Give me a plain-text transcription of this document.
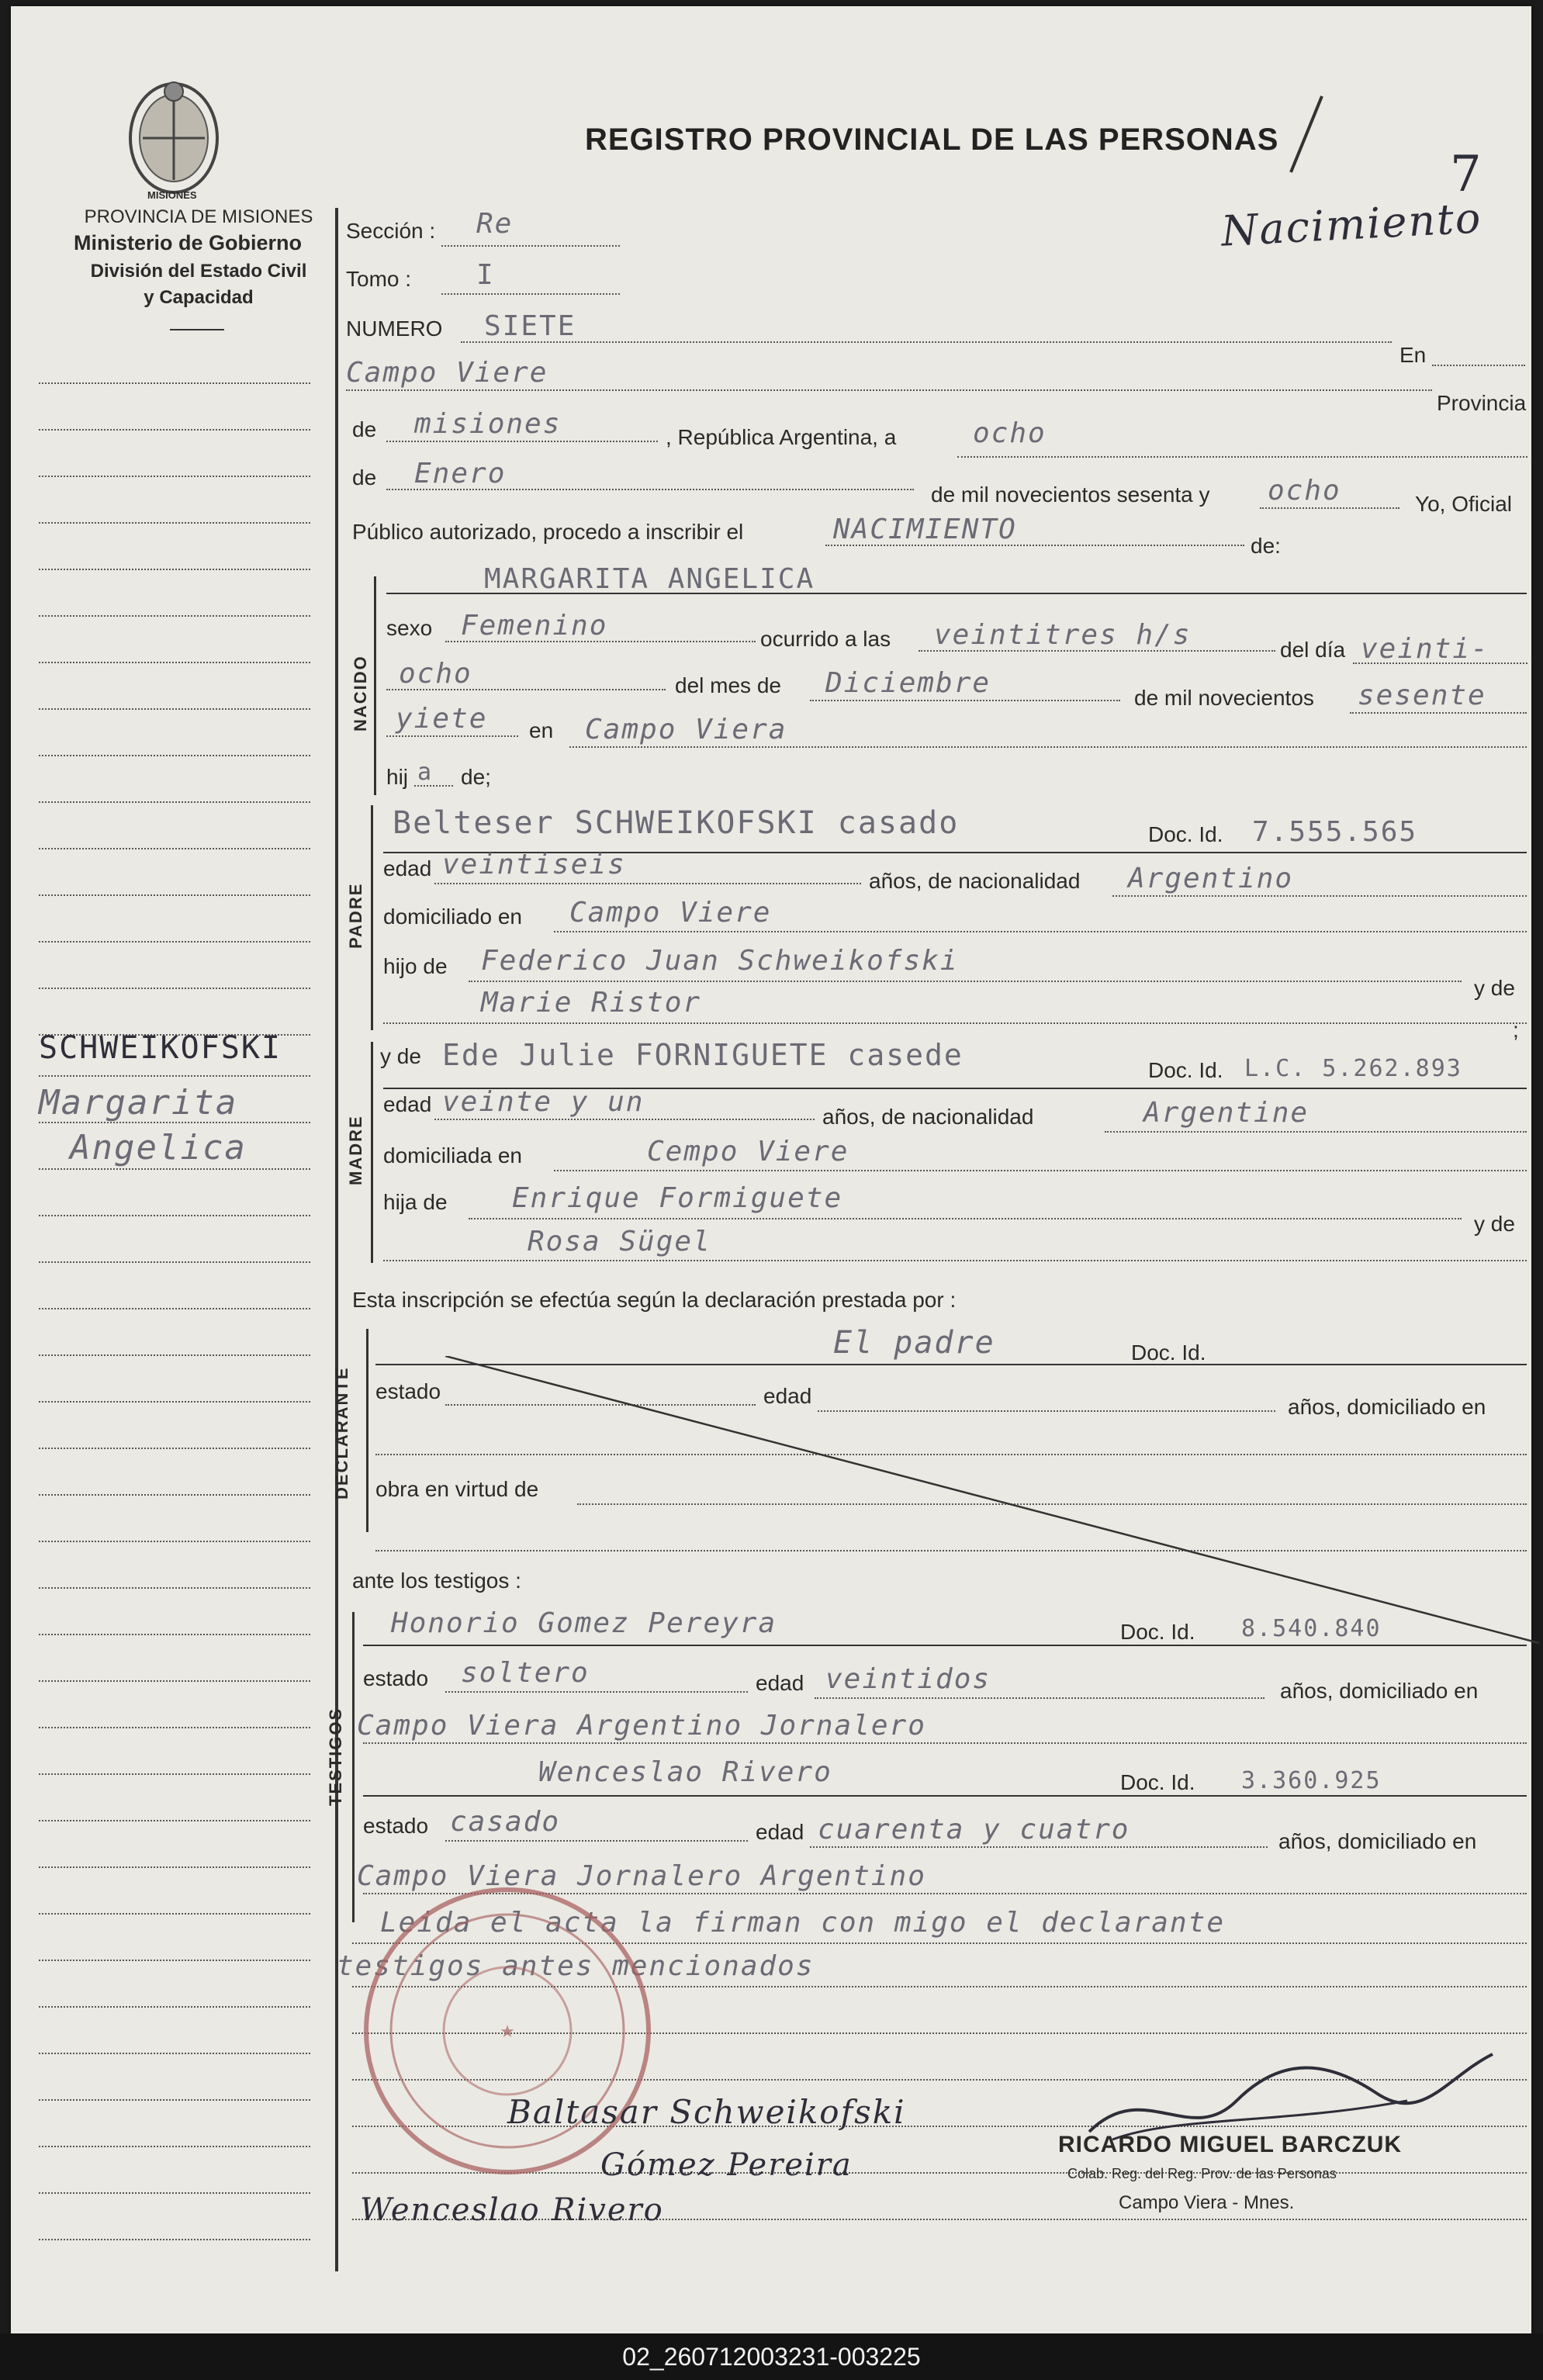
MISIONES
PROVINCIA DE MISIONES
Ministerio de Gobierno
División del Estado Civil
y Capacidad
REGISTRO PROVINCIAL DE LAS PERSONAS
7
Nacimiento
SCHWEIKOFSKI
Margarita
Angelica
Sección : Re
Tomo : I
NUMERO SIETE
En
Campo Viere
Provincia
de misiones	, República Argentina, a	ocho
de Enero
de mil novecientos sesenta y ocho	Yo, Oficial
Público autorizado, procedo a inscribir el	NACIMIENTO
de:
NACIDO
MARGARITA ANGELICA
sexo Femenino	ocurrido a las veintitres h/s	del día veinti-
ocho	del mes de Diciembre	de mil novecientos sesente
yiete en Campo Viera
hij a de;
PADRE
Belteser SCHWEIKOFSKI casado	Doc. Id. 7.555.565
edad veintiseis
años, de nacionalidad Argentino
domiciliado en Campo Viere
hijo de Federico Juan Schweikofski
y de
Marie Ristor
;
MADRE
y de Ede Julie FORNIGUETE casede	Doc. Id. L.C. 5.262.893
edad veinte y un	años, de nacionalidad	Argentine
domiciliada en	Cempo Viere
hija de Enrique Formiguete
y de
Rosa Sügel
Esta inscripción se efectúa según la declaración prestada por :
DECLARANTE
El padre	Doc. Id.
estado	edad	años, domiciliado en
obra en virtud de
ante los testigos :
TESTIGOS
Honorio Gomez Pereyra	Doc. Id. 8.540.840
estado soltero	edad veintidos	años, domiciliado en
Campo Viera Argentino Jornalero
Wenceslao Rivero	Doc. Id. 3.360.925
estado casado	edad cuarenta y cuatro	años, domiciliado en
Campo Viera Jornalero Argentino
Leida el acta la firman con migo el declarante
testigos antes mencionados
★
Baltasar Schweikofski
Gómez Pereira
Wenceslao Rivero
RICARDO MIGUEL BARCZUK
Colab. Reg. del Reg. Prov. de las Personas
Campo Viera - Mnes.
02_260712003231-003225
